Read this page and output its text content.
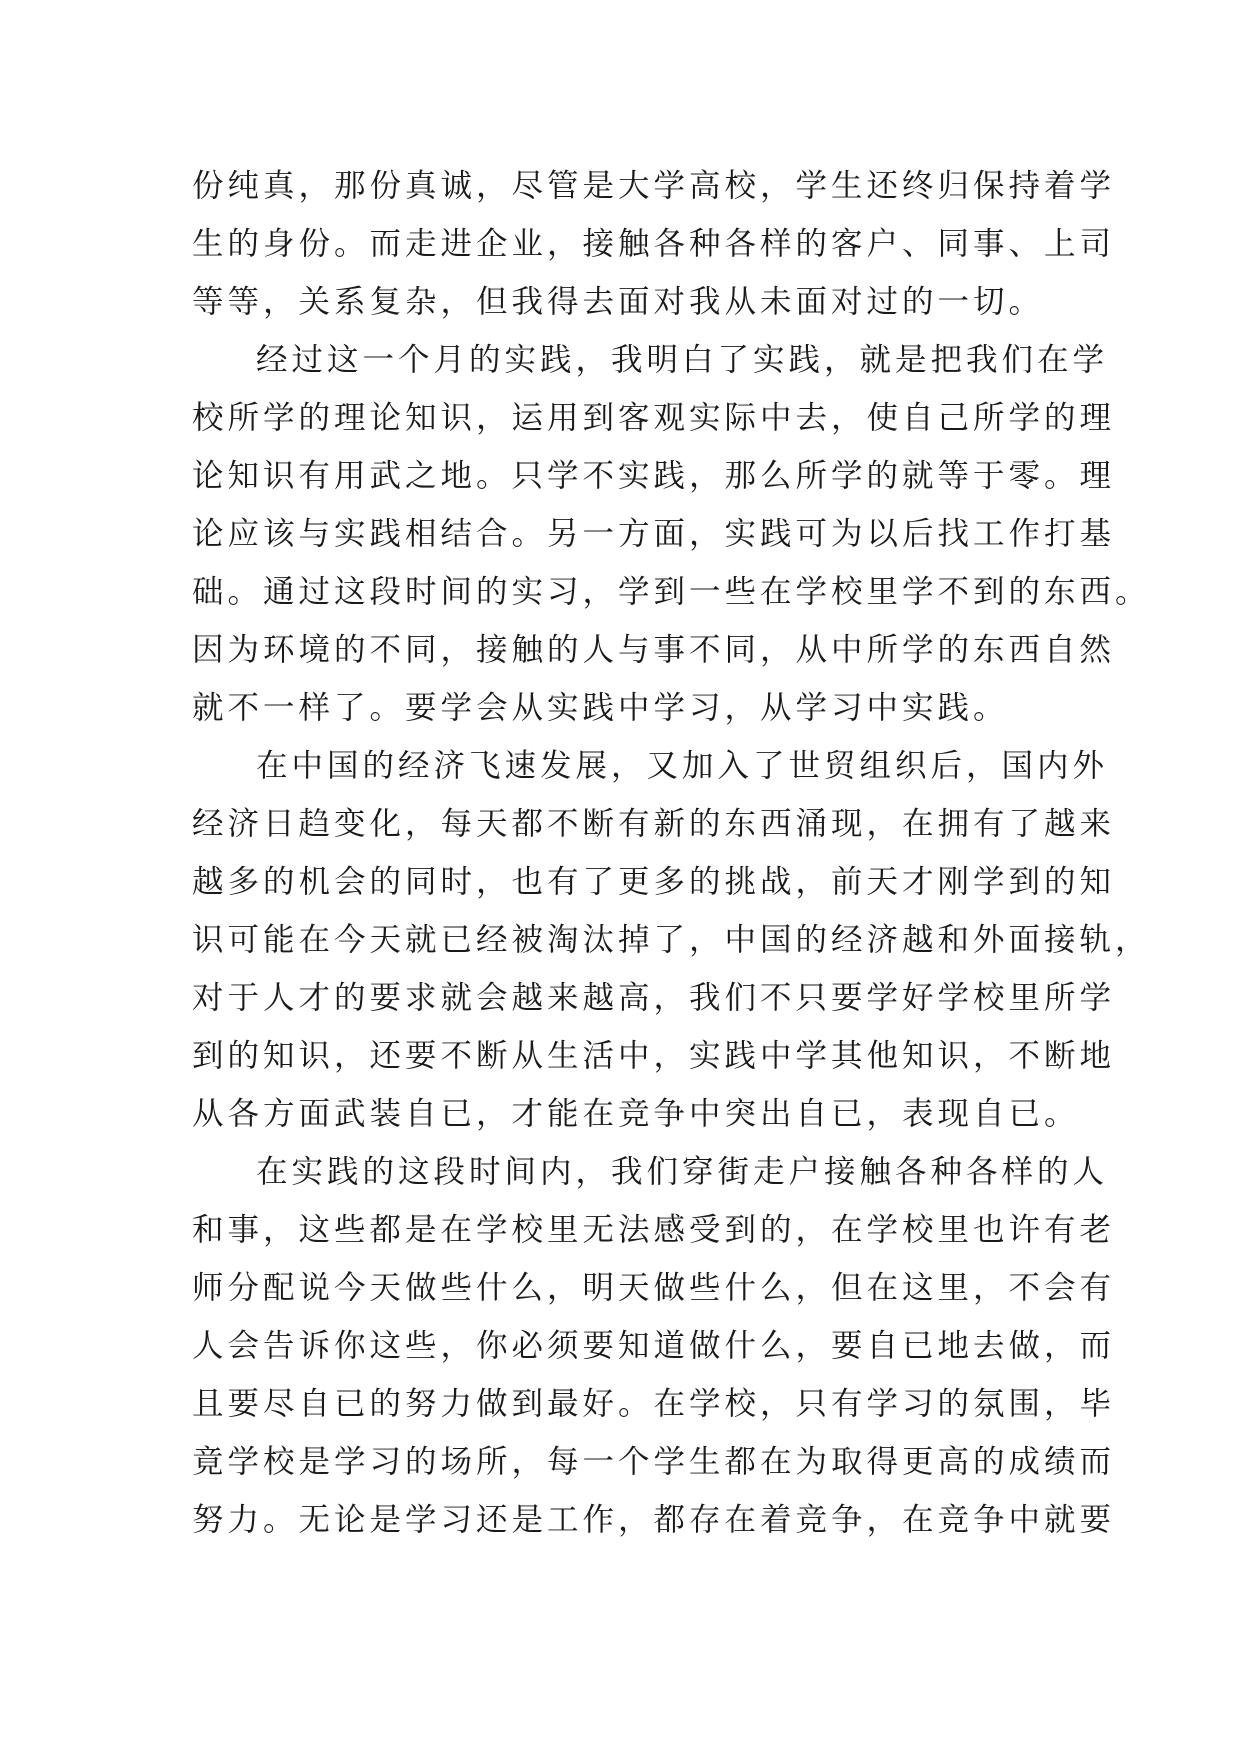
份纯真，那份真诚，尽管是大学高校，学生还终归保持着学
生的身份。而走进企业，接触各种各样的客户、同事、上司
等等，关系复杂，但我得去面对我从未面对过的一切。
经过这一个月的实践，我明白了实践，就是把我们在学
校所学的理论知识，运用到客观实际中去，使自己所学的理
论知识有用武之地。只学不实践，那么所学的就等于零。理
论应该与实践相结合。另一方面，实践可为以后找工作打基
础。通过这段时间的实习，学到一些在学校里学不到的东西。
因为环境的不同，接触的人与事不同，从中所学的东西自然
就不一样了。要学会从实践中学习，从学习中实践。
在中国的经济飞速发展，又加入了世贸组织后，国内外
经济日趋变化，每天都不断有新的东西涌现，在拥有了越来
越多的机会的同时，也有了更多的挑战，前天才刚学到的知
识可能在今天就已经被淘汰掉了，中国的经济越和外面接轨，
对于人才的要求就会越来越高，我们不只要学好学校里所学
到的知识，还要不断从生活中，实践中学其他知识，不断地
从各方面武装自已，才能在竞争中突出自已，表现自已。
在实践的这段时间内，我们穿街走户接触各种各样的人
和事，这些都是在学校里无法感受到的，在学校里也许有老
师分配说今天做些什么，明天做些什么，但在这里，不会有
人会告诉你这些，你必须要知道做什么，要自已地去做，而
且要尽自已的努力做到最好。在学校，只有学习的氛围，毕
竟学校是学习的场所，每一个学生都在为取得更高的成绩而
努力。无论是学习还是工作，都存在着竞争，在竞争中就要
